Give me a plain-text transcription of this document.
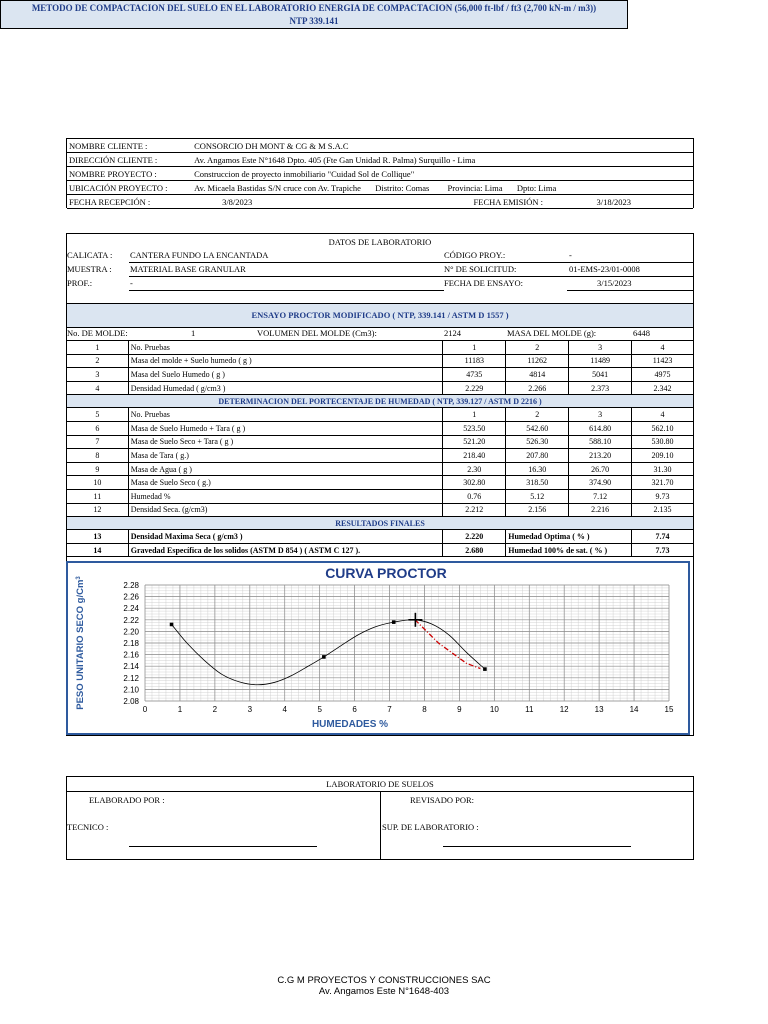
METODO DE COMPACTACION DEL SUELO EN EL LABORATORIO ENERGIA DE COMPACTACION (56,000 ft-lbf / ft3 (2,700 kN-m / m3))
NTP 339.141
NOMBRE CLIENTE :	CONSORCIO DH MONT & CG & M S.A.C		
DIRECCIÓN CLIENTE :	Av. Angamos Este N°1648 Dpto. 405 (Fte Gan Unidad R. Palma) Surquillo - Lima		
NOMBRE PROYECTO :	Construccion de proyecto inmobiliario "Cuidad Sol de Collique"		
UBICACIÓN PROYECTO :	Av. Micaela Bastidas S/N cruce con Av. Trapiche Distrito: Comas Provincia: Lima Dpto: Lima		
FECHA RECEPCIÓN :	3/8/2023	FECHA EMISIÓN :	3/18/2023
DATOS DE LABORATORIO
CALICATA : CANTERA FUNDO LA ENCANTADA
MUESTRA : MATERIAL BASE GRANULAR
PROF.:	-
CÓDIGO PROY.:	-
N° DE SOLICITUD:	01-EMS-23/01-0008
FECHA DE ENSAYO:	3/15/2023
ENSAYO PROCTOR MODIFICADO ( NTP, 339.141 / ASTM D 1557 )
No. DE MOLDE:	1	VOLUMEN DEL MOLDE (Cm3):	2124	MASA DEL MOLDE (g):	6448
1	No. Pruebas	1	2	3	4
2	Masa del molde + Suelo humedo ( g )	11183	11262	11489	11423
3	Masa del Suelo Humedo ( g )	4735	4814	5041	4975
4	Densidad Humedad ( g/cm3 )	2.229	2.266	2.373	2.342
DETERMINACION DEL PORTECENTAJE DE HUMEDAD ( NTP, 339.127 / ASTM D 2216 )					
5	No. Pruebas	1	2	3	4
6	Masa de Suelo Humedo + Tara ( g )	523.50	542.60	614.80	562.10
7	Masa de Suelo Seco + Tara ( g )	521.20	526.30	588.10	530.80
8	Masa de Tara ( g.)	218.40	207.80	213.20	209.10
9	Masa de Agua ( g )	2.30	16.30	26.70	31.30
10	Masa de Suelo Seco ( g.)	302.80	318.50	374.90	321.70
11	Humedad %	0.76	5.12	7.12	9.73
12	Densidad Seca. (g/cm3)	2.212	2.156	2.216	2.135
RESULTADOS FINALES					
13	Densidad Maxima Seca ( g/cm3 )	2.220	Humedad Optima ( % )		7.74
14	Gravedad Específica de los solidos (ASTM D 854 ) ( ASTM C 127 ).	2.680	Humedad 100% de sat. ( % )		7.73
CURVA PROCTOR
2.08
2.10
2.12
2.14
2.16
2.18
2.20
2.22
2.24
2.26
2.28
0	1	2	3	4	5	6	7	8	9	10	11	12	13	14	15
HUMEDADES %
PESO UNITARIO SECO g/Cm$^3$
LABORATORIO DE SUELOS
ELABORADO POR :	REVISADO POR:
TECNICO :	SUP. DE LABORATORIO :
C.G M PROYECTOS Y CONSTRUCCIONES SAC
Av. Angamos Este N°1648-403
